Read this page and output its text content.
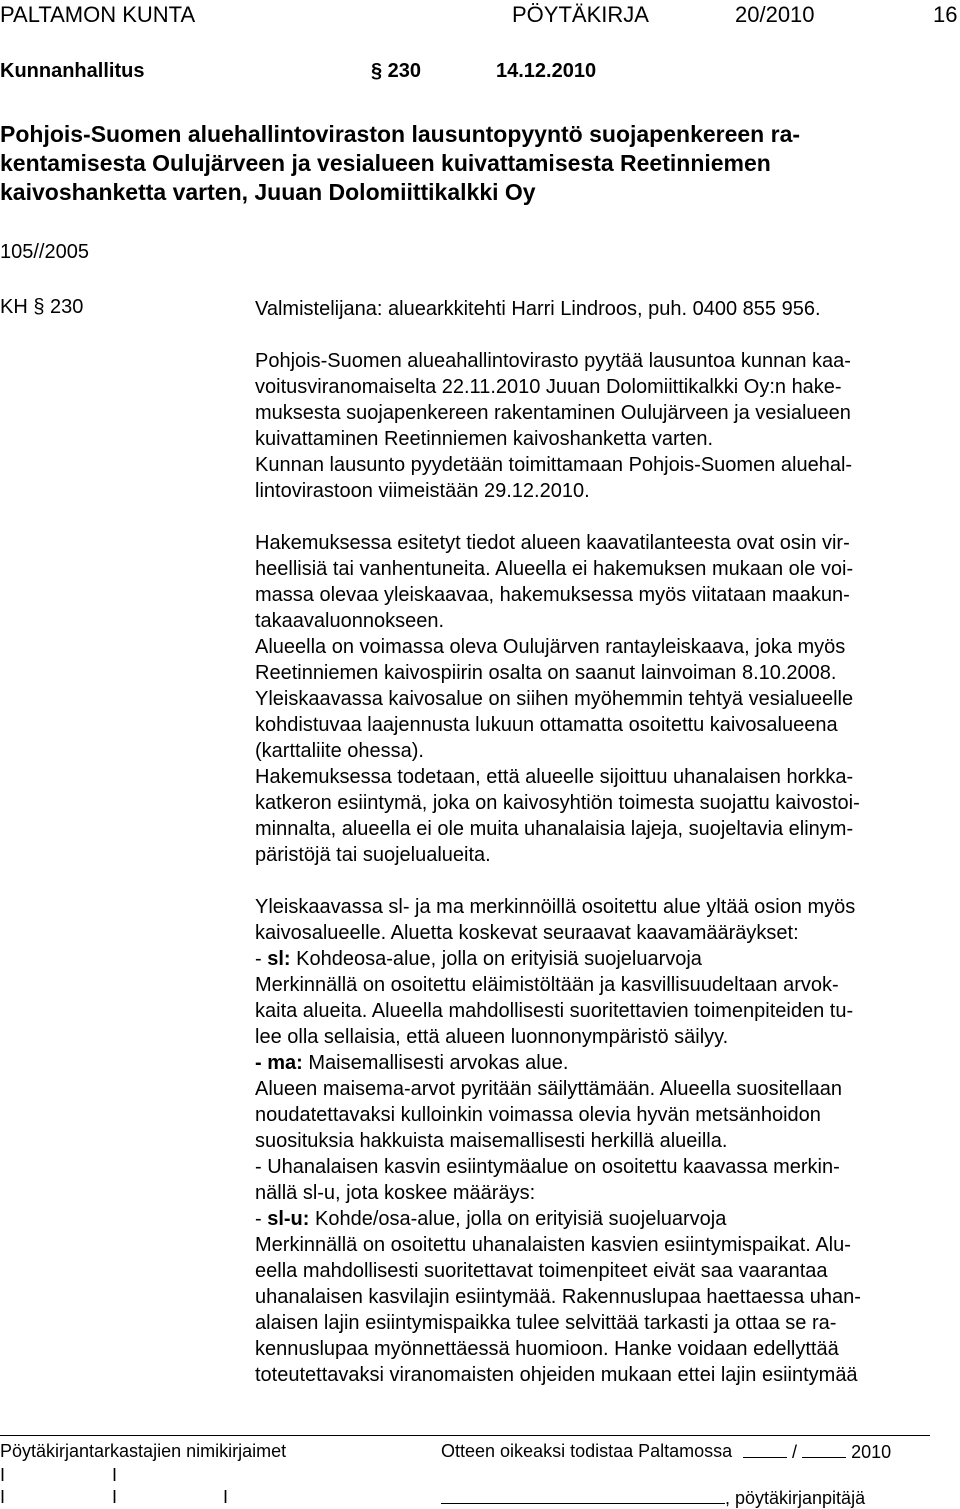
PALTAMON KUNTA	PÖYTÄKIRJA	20/2010	16
Kunnanhallitus	§ 230	14.12.2010
Pohjois-Suomen aluehallintoviraston lausuntopyyntö suojapenkereen ra-
kentamisesta Oulujärveen ja vesialueen kuivattamisesta Reetinniemen
kaivoshanketta varten, Juuan Dolomiittikalkki Oy
105//2005
KH § 230	Valmistelijana: aluearkkitehti Harri Lindroos, puh. 0400 855 956.
Pohjois-Suomen alueahallintovirasto pyytää lausuntoa kunnan kaa-
voitusviranomaiselta 22.11.2010 Juuan Dolomiittikalkki Oy:n hake-
muksesta suojapenkereen rakentaminen Oulujärveen ja vesialueen
kuivattaminen Reetinniemen kaivoshanketta varten.
Kunnan lausunto pyydetään toimittamaan Pohjois-Suomen aluehal-
lintovirastoon viimeistään 29.12.2010.
Hakemuksessa esitetyt tiedot alueen kaavatilanteesta ovat osin vir-
heellisiä tai vanhentuneita. Alueella ei hakemuksen mukaan ole voi-
massa olevaa yleiskaavaa, hakemuksessa myös viitataan maakun-
takaavaluonnokseen.
Alueella on voimassa oleva Oulujärven rantayleiskaava, joka myös
Reetinniemen kaivospiirin osalta on saanut lainvoiman 8.10.2008.
Yleiskaavassa kaivosalue on siihen myöhemmin tehtyä vesialueelle
kohdistuvaa laajennusta lukuun ottamatta osoitettu kaivosalueena
(karttaliite ohessa).
Hakemuksessa todetaan, että alueelle sijoittuu uhanalaisen horkka-
katkeron esiintymä, joka on kaivosyhtiön toimesta suojattu kaivostoi-
minnalta, alueella ei ole muita uhanalaisia lajeja, suojeltavia elinym-
päristöjä tai suojelualueita.
Yleiskaavassa sl- ja ma merkinnöillä osoitettu alue yltää osion myös
kaivosalueelle. Aluetta koskevat seuraavat kaavamääräykset:
- sl: Kohdeosa-alue, jolla on erityisiä suojeluarvoja
Merkinnällä on osoitettu eläimistöltään ja kasvillisuudeltaan arvok-
kaita alueita. Alueella mahdollisesti suoritettavien toimenpiteiden tu-
lee olla sellaisia, että alueen luonnonympäristö säilyy.
- ma: Maisemallisesti arvokas alue.
Alueen maisema-arvot pyritään säilyttämään. Alueella suositellaan
noudatettavaksi kulloinkin voimassa olevia hyvän metsänhoidon
suosituksia hakkuista maisemallisesti herkillä alueilla.
- Uhanalaisen kasvin esiintymäalue on osoitettu kaavassa merkin-
nällä sl-u, jota koskee määräys:
- sl-u: Kohde/osa-alue, jolla on erityisiä suojeluarvoja
Merkinnällä on osoitettu uhanalaisten kasvien esiintymispaikat. Alu-
eella mahdollisesti suoritettavat toimenpiteet eivät saa vaarantaa
uhanalaisen kasvilajin esiintymää. Rakennuslupaa haettaessa uhan-
alaisen lajin esiintymispaikka tulee selvittää tarkasti ja ottaa se ra-
kennuslupaa myönnettäessä huomioon. Hanke voidaan edellyttää
toteutettavaksi viranomaisten ohjeiden mukaan ettei lajin esiintymää
Pöytäkirjantarkastajien nimikirjaimet	Otteen oikeaksi todistaa Paltamossa	/	2010
I	I
I	I	I	, pöytäkirjanpitäjä
